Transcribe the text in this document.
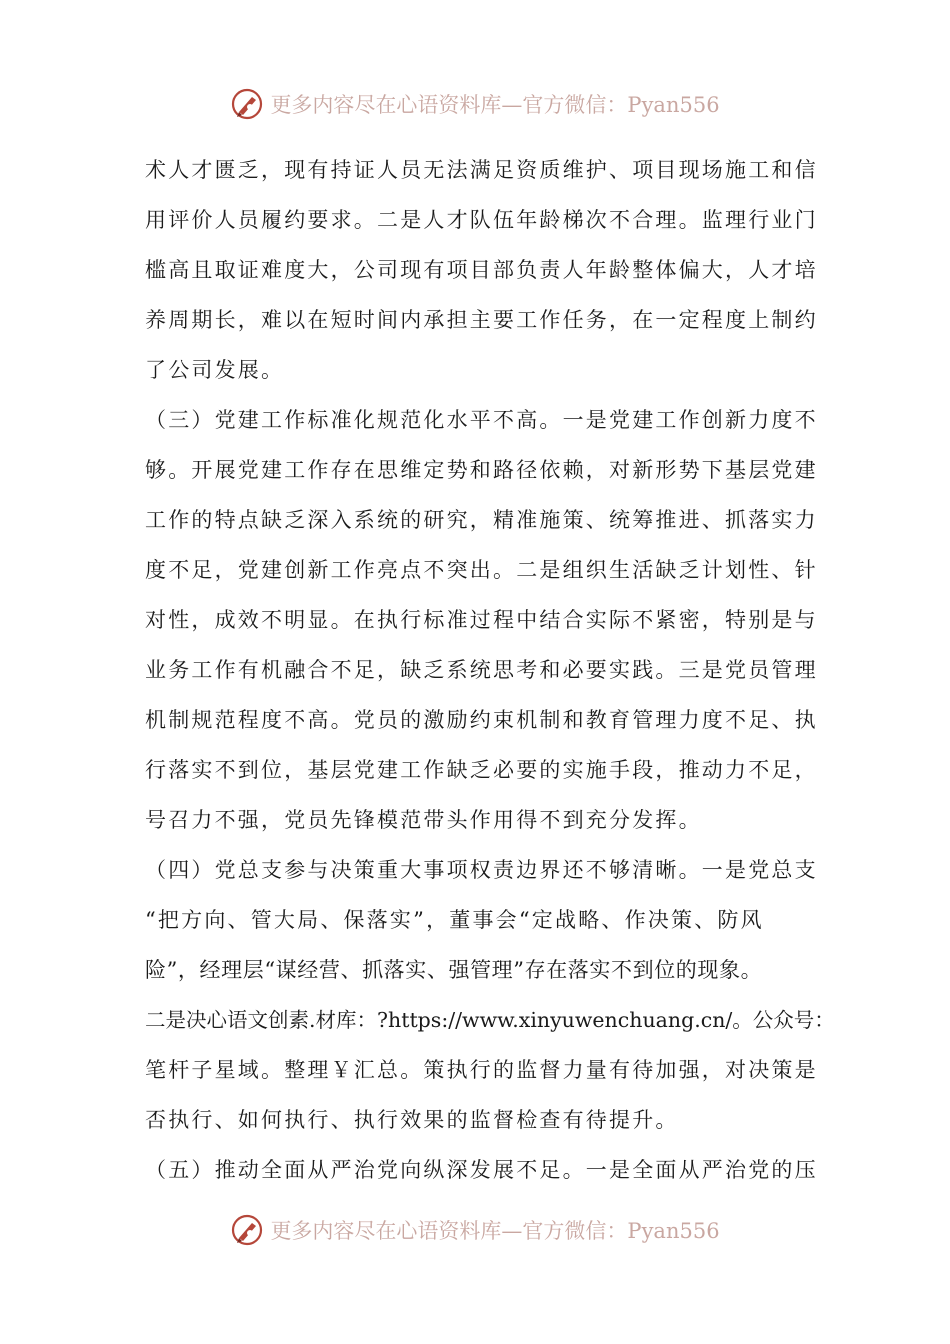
更多内容尽在心语资料库—官方微信：Pyan556
术人才匮乏，现有持证人员无法满足资质维护、项目现场施工和信
用评价人员履约要求。二是人才队伍年龄梯次不合理。监理行业门
槛高且取证难度大，公司现有项目部负责人年龄整体偏大，人才培
养周期长，难以在短时间内承担主要工作任务，在一定程度上制约
了公司发展。
（三）党建工作标准化规范化水平不高。一是党建工作创新力度不
够。开展党建工作存在思维定势和路径依赖，对新形势下基层党建
工作的特点缺乏深入系统的研究，精准施策、统筹推进、抓落实力
度不足，党建创新工作亮点不突出。二是组织生活缺乏计划性、针
对性，成效不明显。在执行标准过程中结合实际不紧密，特别是与
业务工作有机融合不足，缺乏系统思考和必要实践。三是党员管理
机制规范程度不高。党员的激励约束机制和教育管理力度不足、执
行落实不到位，基层党建工作缺乏必要的实施手段，推动力不足，
号召力不强，党员先锋模范带头作用得不到充分发挥。
（四）党总支参与决策重大事项权责边界还不够清晰。一是党总支
“把方向、管大局、保落实”，董事会“定战略、作决策、防风
险”，经理层“谋经营、抓落实、强管理”存在落实不到位的现象。
二是决心语文创素.材库：?https://www.xinyuwenchuang.cn/。公众号：
笔杆子星域。整理￥汇总。策执行的监督力量有待加强，对决策是
否执行、如何执行、执行效果的监督检查有待提升。
（五）推动全面从严治党向纵深发展不足。一是全面从严治党的压
更多内容尽在心语资料库—官方微信：Pyan556
